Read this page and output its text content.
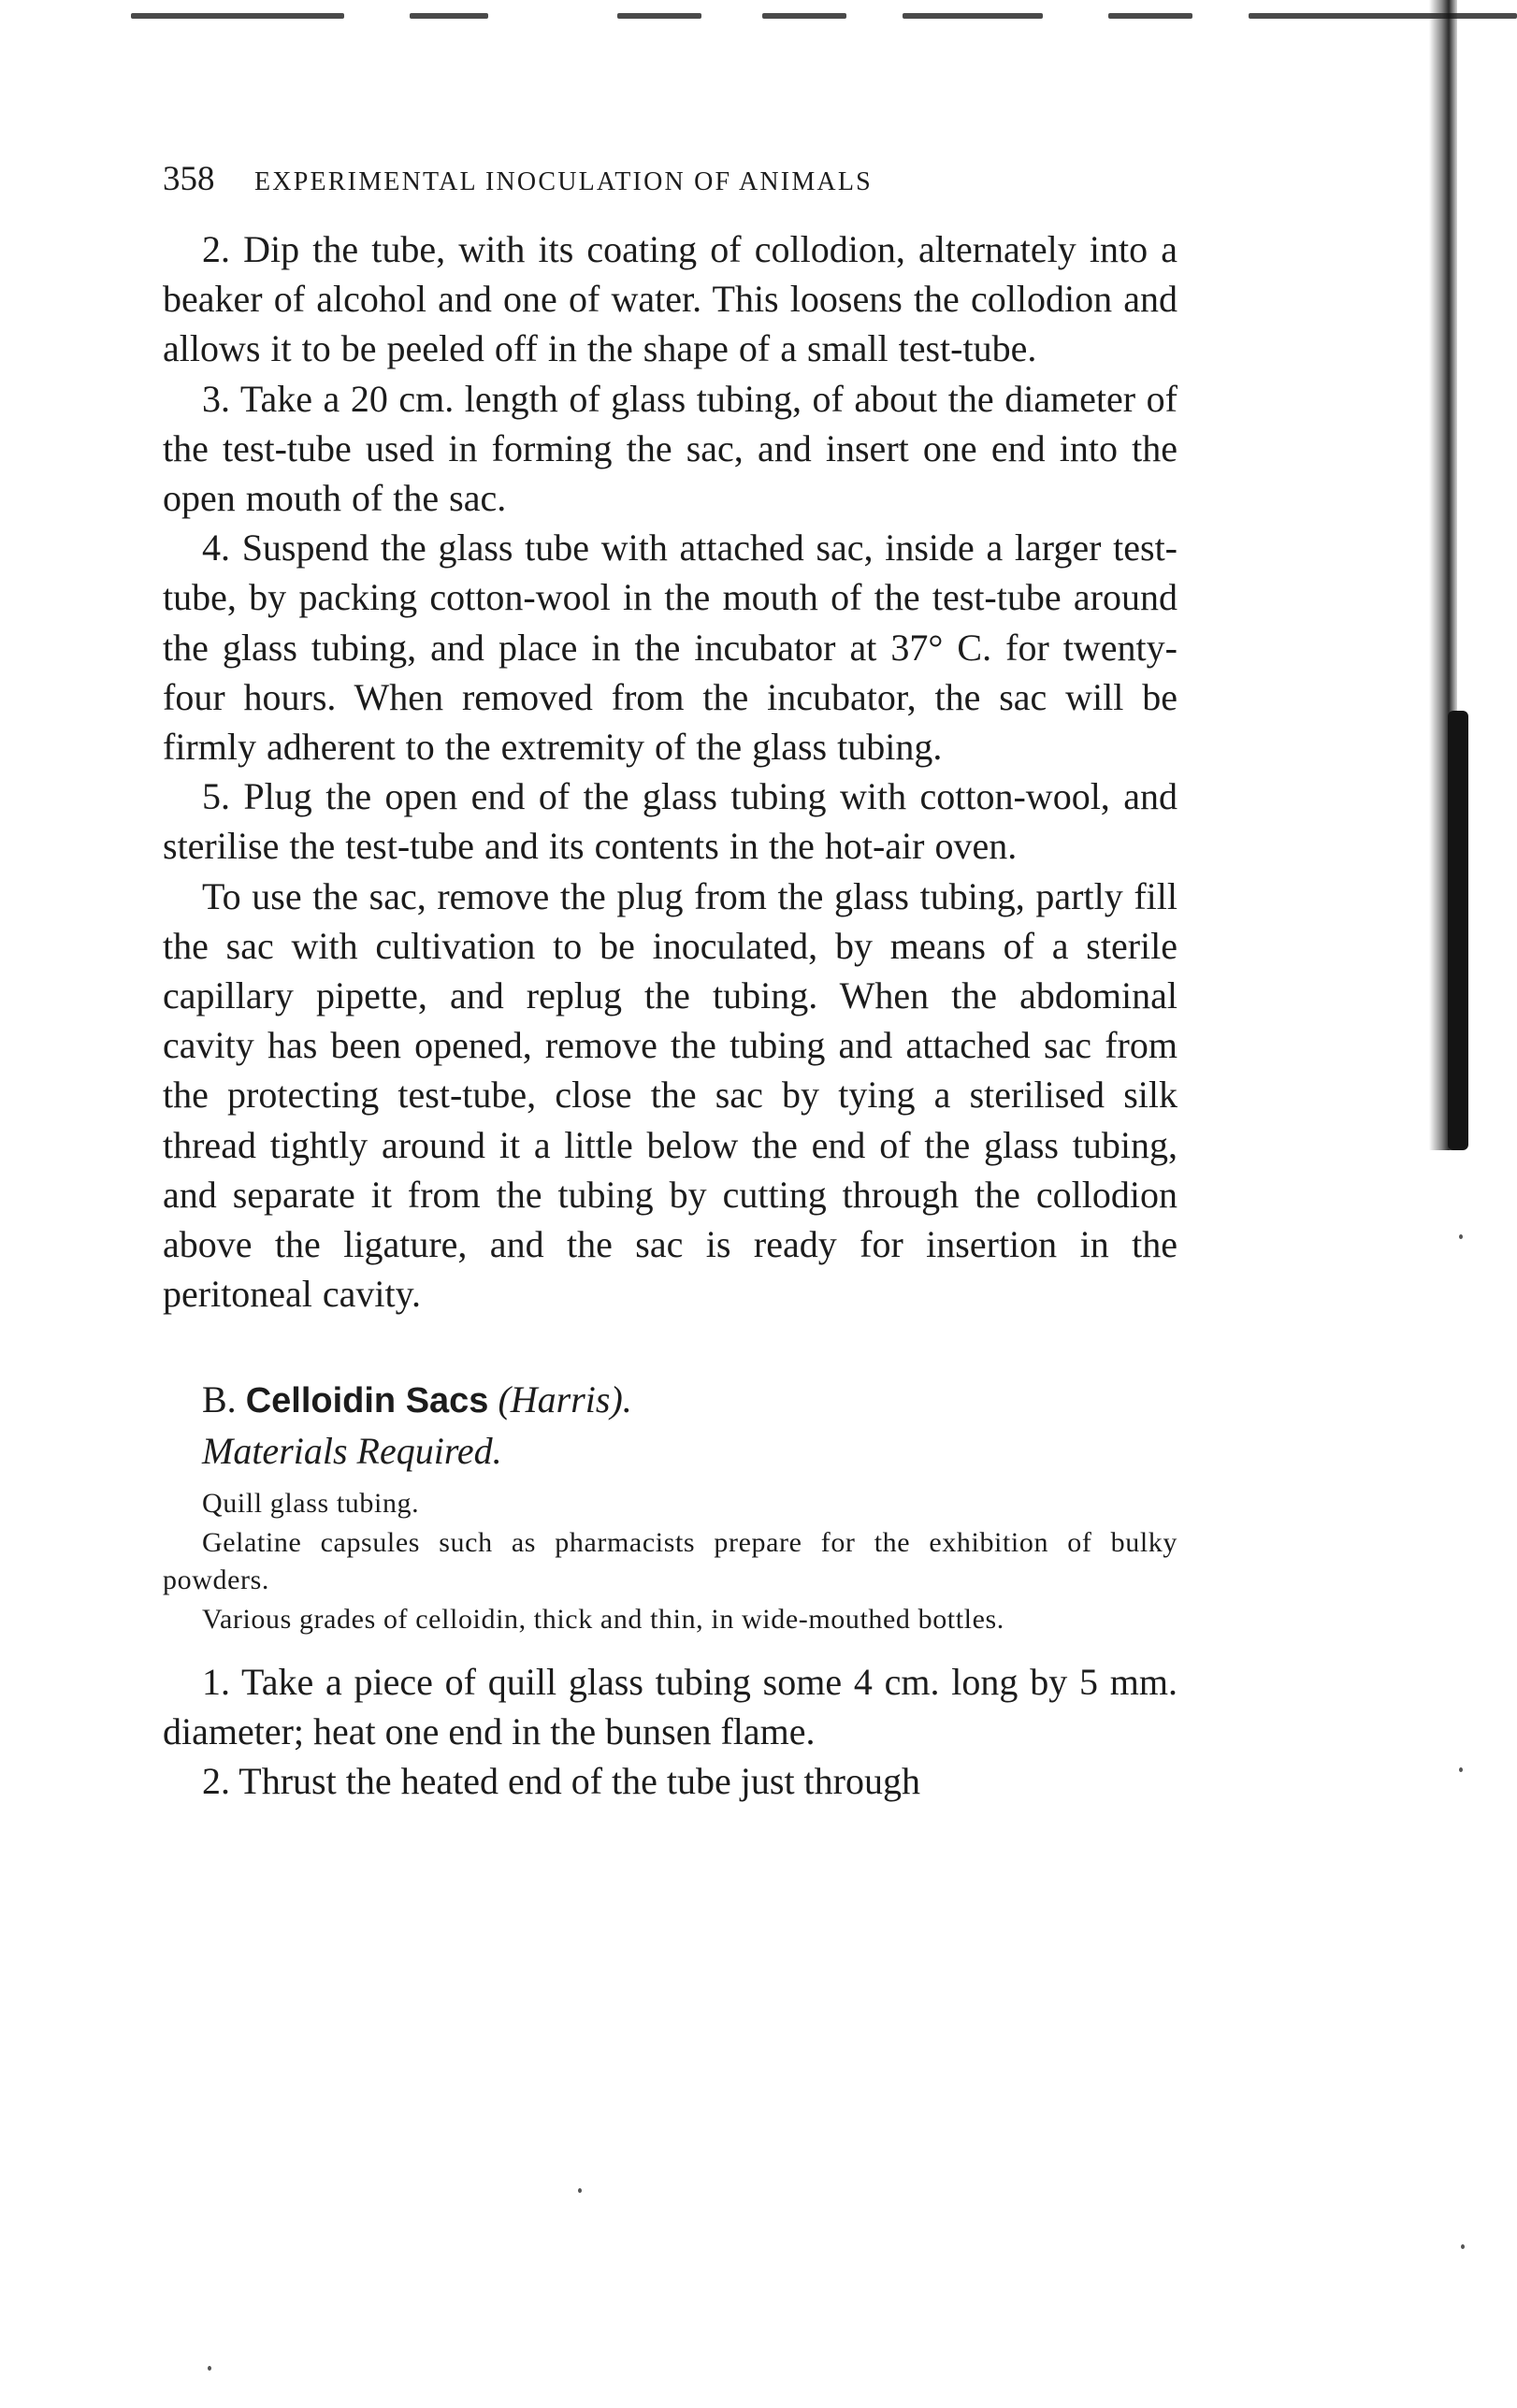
358	EXPERIMENTAL INOCULATION OF ANIMALS

2. Dip the tube, with its coating of collodion, alternately into a beaker of alcohol and one of water. This loosens the collodion and allows it to be peeled off in the shape of a small test-tube.

3. Take a 20 cm. length of glass tubing, of about the diameter of the test-tube used in forming the sac, and insert one end into the open mouth of the sac.

4. Suspend the glass tube with attached sac, inside a larger test-tube, by packing cotton-wool in the mouth of the test-tube around the glass tubing, and place in the incubator at 37° C. for twenty-four hours. When removed from the incubator, the sac will be firmly adherent to the extremity of the glass tubing.

5. Plug the open end of the glass tubing with cotton-wool, and sterilise the test-tube and its contents in the hot-air oven.

To use the sac, remove the plug from the glass tubing, partly fill the sac with cultivation to be inoculated, by means of a sterile capillary pipette, and replug the tubing. When the abdominal cavity has been opened, remove the tubing and attached sac from the protecting test-tube, close the sac by tying a sterilised silk thread tightly around it a little below the end of the glass tubing, and separate it from the tubing by cutting through the collodion above the ligature, and the sac is ready for insertion in the peritoneal cavity.

B. Celloidin Sacs (Harris).
Materials Required.

Quill glass tubing.

Gelatine capsules such as pharmacists prepare for the exhibition of bulky powders.

Various grades of celloidin, thick and thin, in wide-mouthed bottles.

1. Take a piece of quill glass tubing some 4 cm. long by 5 mm. diameter; heat one end in the bunsen flame.

2. Thrust the heated end of the tube just through
